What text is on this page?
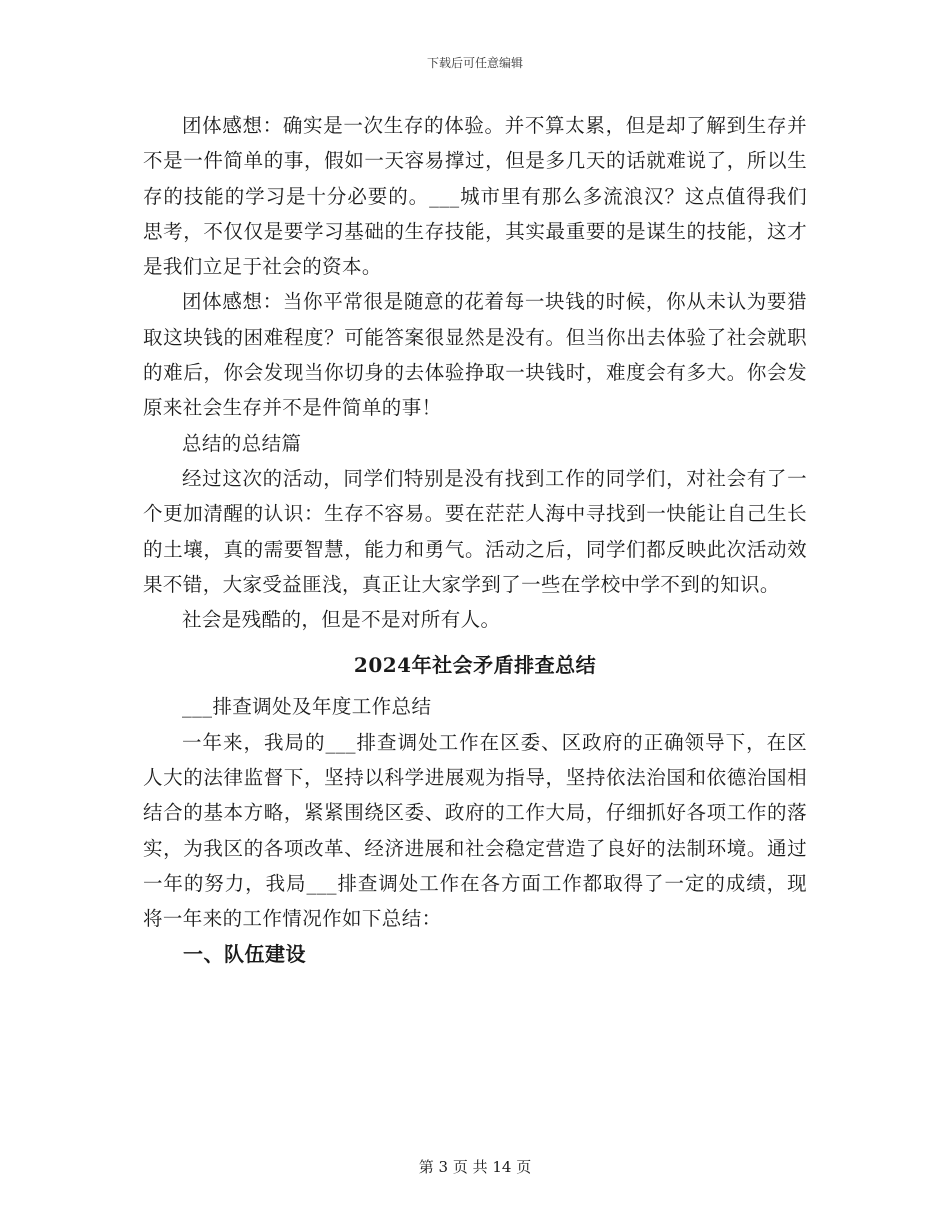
下载后可任意编辑

团体感想：确实是一次生存的体验。并不算太累，但是却了解到生存并不是一件简单的事，假如一天容易撑过，但是多几天的话就难说了，所以生存的技能的学习是十分必要的。___城市里有那么多流浪汉？这点值得我们思考，不仅仅是要学习基础的生存技能，其实最重要的是谋生的技能，这才是我们立足于社会的资本。

团体感想：当你平常很是随意的花着每一块钱的时候，你从未认为要猎取这块钱的困难程度？可能答案很显然是没有。但当你出去体验了社会就职的难后，你会发现当你切身的去体验挣取一块钱时，难度会有多大。你会发原来社会生存并不是件简单的事！

总结的总结篇

经过这次的活动，同学们特别是没有找到工作的同学们，对社会有了一个更加清醒的认识：生存不容易。要在茫茫人海中寻找到一快能让自己生长的土壤，真的需要智慧，能力和勇气。活动之后，同学们都反映此次活动效果不错，大家受益匪浅，真正让大家学到了一些在学校中学不到的知识。

社会是残酷的，但是不是对所有人。

2024年社会矛盾排查总结

___排查调处及年度工作总结

一年来，我局的___排查调处工作在区委、区政府的正确领导下，在区人大的法律监督下，坚持以科学进展观为指导，坚持依法治国和依德治国相结合的基本方略，紧紧围绕区委、政府的工作大局，仔细抓好各项工作的落实，为我区的各项改革、经济进展和社会稳定营造了良好的法制环境。通过一年的努力，我局___排查调处工作在各方面工作都取得了一定的成绩，现将一年来的工作情况作如下总结：

一、队伍建设

第 3 页 共 14 页
